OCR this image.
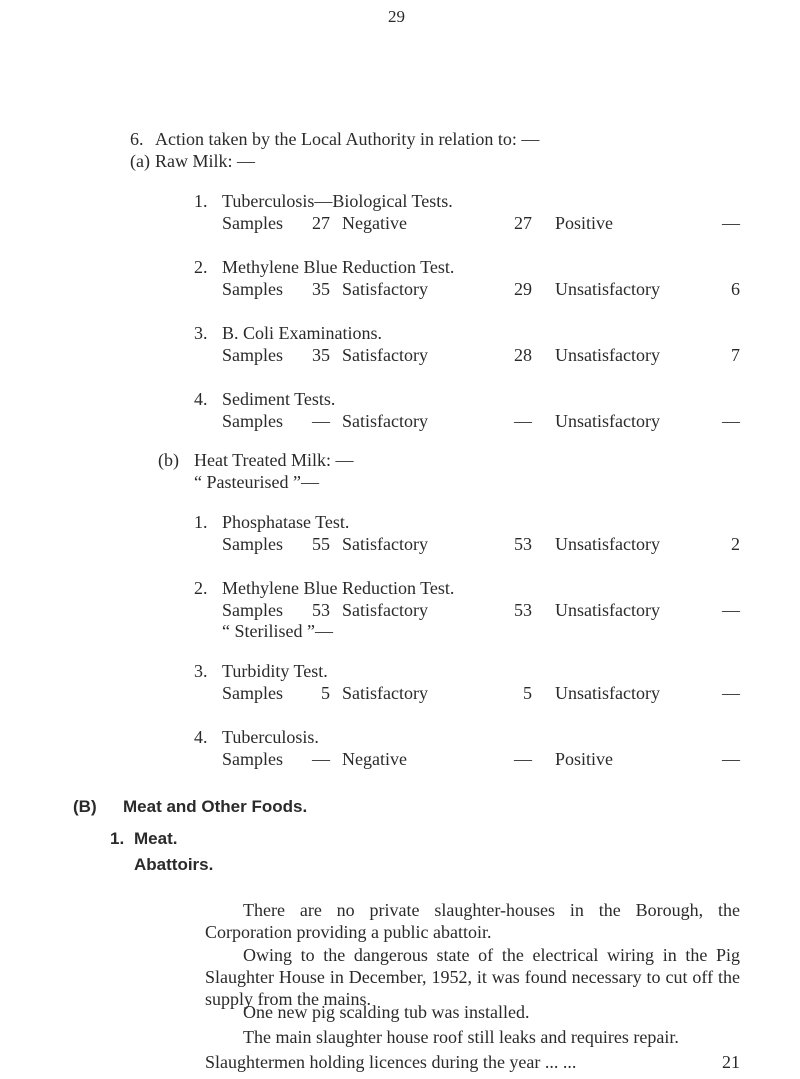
29
6. Action taken by the Local Authority in relation to: —
(a) Raw Milk: —
1. Tuberculosis—Biological Tests.
Samples	27 Negative	27 Positive	—
2. Methylene Blue Reduction Test.
Samples	35 Satisfactory	29 Unsatisfactory	6
3. B. Coli Examinations.
Samples	35 Satisfactory	28 Unsatisfactory	7
4. Sediment Tests.
Samples	— Satisfactory	— Unsatisfactory	—
(b) Heat Treated Milk: —
“ Pasteurised ”—
1. Phosphatase Test.
Samples	55 Satisfactory	53 Unsatisfactory	2
2. Methylene Blue Reduction Test.
Samples	53 Satisfactory	53 Unsatisfactory	—
“ Sterilised ”—
3. Turbidity Test.
Samples	5 Satisfactory	5 Unsatisfactory	—
4. Tuberculosis.
Samples	— Negative	— Positive	—
(B) Meat and Other Foods.
1. Meat.
Abattoirs.
There are no private slaughter-houses in the Borough, the Corporation providing a public abattoir.
Owing to the dangerous state of the electrical wiring in the Pig Slaughter House in December, 1952, it was found necessary to cut off the supply from the mains.
One new pig scalding tub was installed.
The main slaughter house roof still leaks and requires repair.
Slaughtermen holding licences during the year ... ...	21
